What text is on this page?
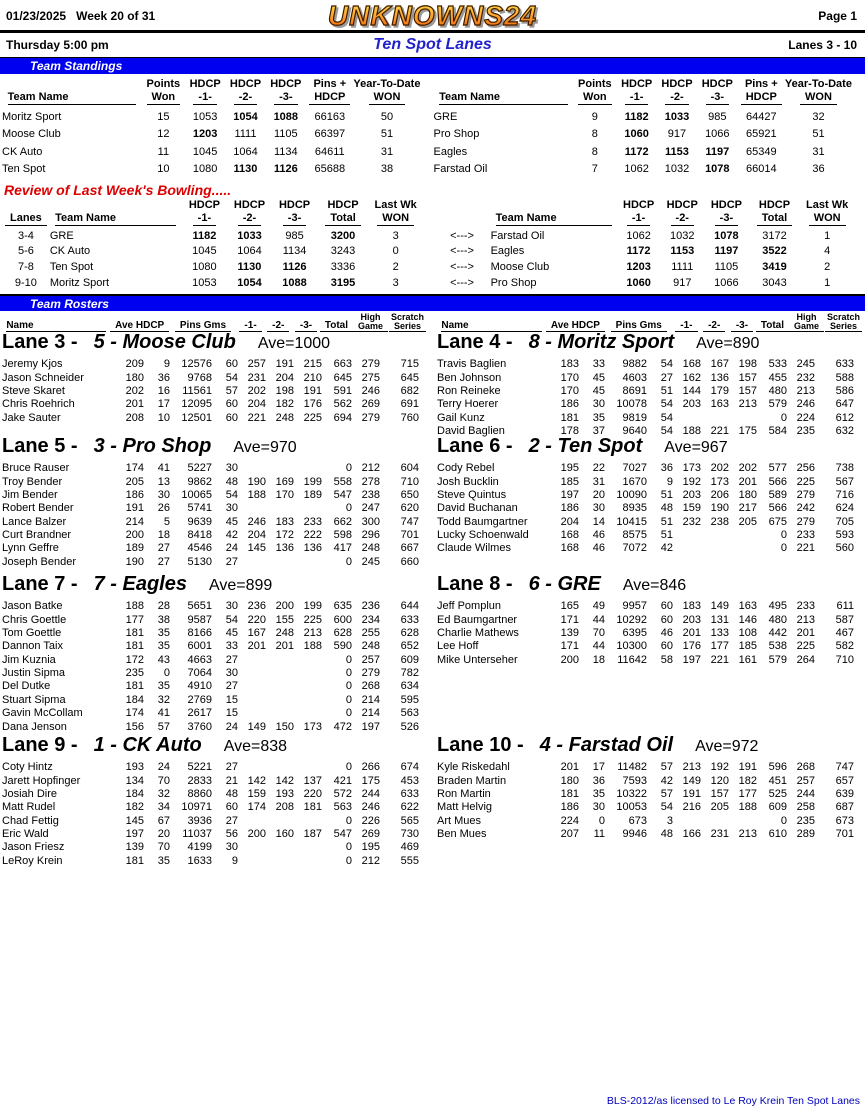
UNKNOWNS24	Page 1
Thursday 5:00 pm	Ten Spot Lanes	Lanes 3 - 10
Team Standings
	Points	HDCP	HDCP	HDCP	Pins +	Year-To-Date
Team Name	Won	-1-	-2-	-3-	HDCP	WON
Moritz Sport	15	1053	1054	1088	66163	50
Moose Club	12	1203	1111	1105	66397	51
CK Auto	11	1045	1064	1134	64611	31
Ten Spot	10	1080	1130	1126	65688	38
	Points	HDCP	HDCP	HDCP	Pins +	Year-To-Date
Team Name	Won	-1-	-2-	-3-	HDCP	WON
GRE	9	1182	1033	985	64427	32
Pro Shop	8	1060	917	1066	65921	51
Eagles	8	1172	1153	1197	65349	31
Farstad Oil	7	1062	1032	1078	66014	36
Review of Last Week's Bowling.....
		HDCP	HDCP	HDCP	HDCP	Last Wk
Lanes	Team Name	-1-	-2-	-3-	Total	WON
3-4	GRE	1182	1033	985	3200	3
5-6	CK Auto	1045	1064	1134	3243	0
7-8	Ten Spot	1080	1130	1126	3336	2
9-10	Moritz Sport	1053	1054	1088	3195	3
		HDCP	HDCP	HDCP	HDCP	Last Wk
	Team Name	-1-	-2-	-3-	Total	WON
<--->	Farstad Oil	1062	1032	1078	3172	1
<--->	Eagles	1172	1153	1197	3522	4
<--->	Moose Club	1203	1111	1105	3419	2
<--->	Pro Shop	1060	917	1066	3043	1
Team Rosters
Lane 3 - 5 - Moose Club Ave=1000
Jeremy Kjos	209	9	12576	60	257	191	215	663	279	715
Jason Schneider	180	36	9768	54	231	204	210	645	275	645
Steve Skaret	202	16	11561	57	202	198	191	591	246	682
Chris Roehrich	201	17	12095	60	204	182	176	562	269	691
Jake Sauter	208	10	12501	60	221	248	225	694	279	760
Lane 5 - 3 - Pro Shop Ave=970
Bruce Rauser	174	41	5227	30				0	212	604
Troy Bender	205	13	9862	48	190	169	199	558	278	710
Jim Bender	186	30	10065	54	188	170	189	547	238	650
Robert Bender	191	26	5741	30				0	247	620
Lance Balzer	214	5	9639	45	246	183	233	662	300	747
Curt Brandner	200	18	8418	42	204	172	222	598	296	701
Lynn Geffre	189	27	4546	24	145	136	136	417	248	667
Joseph Bender	190	27	5130	27				0	245	660
Lane 7 - 7 - Eagles Ave=899
Jason Batke	188	28	5651	30	236	200	199	635	236	644
Chris Goettle	177	38	9587	54	220	155	225	600	234	633
Tom Goettle	181	35	8166	45	167	248	213	628	255	628
Dannon Taix	181	35	6001	33	201	201	188	590	248	652
Jim Kuznia	172	43	4663	27				0	257	609
Justin Sipma	235	0	7064	30				0	279	782
Del Dutke	181	35	4910	27				0	268	634
Stuart Sipma	184	32	2769	15				0	214	595
Gavin McCollam	174	41	2617	15				0	214	563
Dana Jenson	156	57	3760	24	149	150	173	472	197	526
Lane 9 - 1 - CK Auto Ave=838
Coty Hintz	193	24	5221	27				0	266	674
Jarett Hopfinger	134	70	2833	21	142	142	137	421	175	453
Josiah Dire	184	32	8860	48	159	193	220	572	244	633
Matt Rudel	182	34	10971	60	174	208	181	563	246	622
Chad Fettig	145	67	3936	27				0	226	565
Eric Wald	197	20	11037	56	200	160	187	547	269	730
Jason Friesz	139	70	4199	30				0	195	469
LeRoy Krein	181	35	1633	9				0	212	555
Name	Ave HDCP	Pins Gms	-1-	-2-	-3-	Total	
High
Game	
Scratch
Series
Lane 4 - 8 - Moritz Sport Ave=890
Travis Baglien	183	33	9882	54	168	167	198	533	245	633
Ben Johnson	170	45	4603	27	162	136	157	455	232	588
Ron Reineke	170	45	8691	51	144	179	157	480	213	586
Terry Hoerer	186	30	10078	54	203	163	213	579	246	647
Gail Kunz	181	35	9819	54				0	224	612
David Baglien	178	37	9640	54	188	221	175	584	235	632
Lane 6 - 2 - Ten Spot Ave=967
Cody Rebel	195	22	7027	36	173	202	202	577	256	738
Josh Bucklin	185	31	1670	9	192	173	201	566	225	567
Steve Quintus	197	20	10090	51	203	206	180	589	279	716
David Buchanan	186	30	8935	48	159	190	217	566	242	624
Todd Baumgartner	204	14	10415	51	232	238	205	675	279	705
Lucky Schoenwald	168	46	8575	51				0	233	593
Claude Wilmes	168	46	7072	42				0	221	560
Lane 8 - 6 - GRE Ave=846
Jeff Pomplun	165	49	9957	60	183	149	163	495	233	611
Ed Baumgartner	171	44	10292	60	203	131	146	480	213	587
Charlie Mathews	139	70	6395	46	201	133	108	442	201	467
Lee Hoff	171	44	10300	60	176	177	185	538	225	582
Mike Unterseher	200	18	11642	58	197	221	161	579	264	710
Lane 10 - 4 - Farstad Oil Ave=972
Kyle Riskedahl	201	17	11482	57	213	192	191	596	268	747
Braden Martin	180	36	7593	42	149	120	182	451	257	657
Ron Martin	181	35	10322	57	191	157	177	525	244	639
Matt Helvig	186	30	10053	54	216	205	188	609	258	687
Art Mues	224	0	673	3				0	235	673
Ben Mues	207	11	9946	48	166	231	213	610	289	701
Name	Ave HDCP	Pins Gms	-1-	-2-	-3-	Total	
High
Game	
Scratch
Series
BLS-2012/as licensed to Le Roy Krein Ten Spot Lanes
